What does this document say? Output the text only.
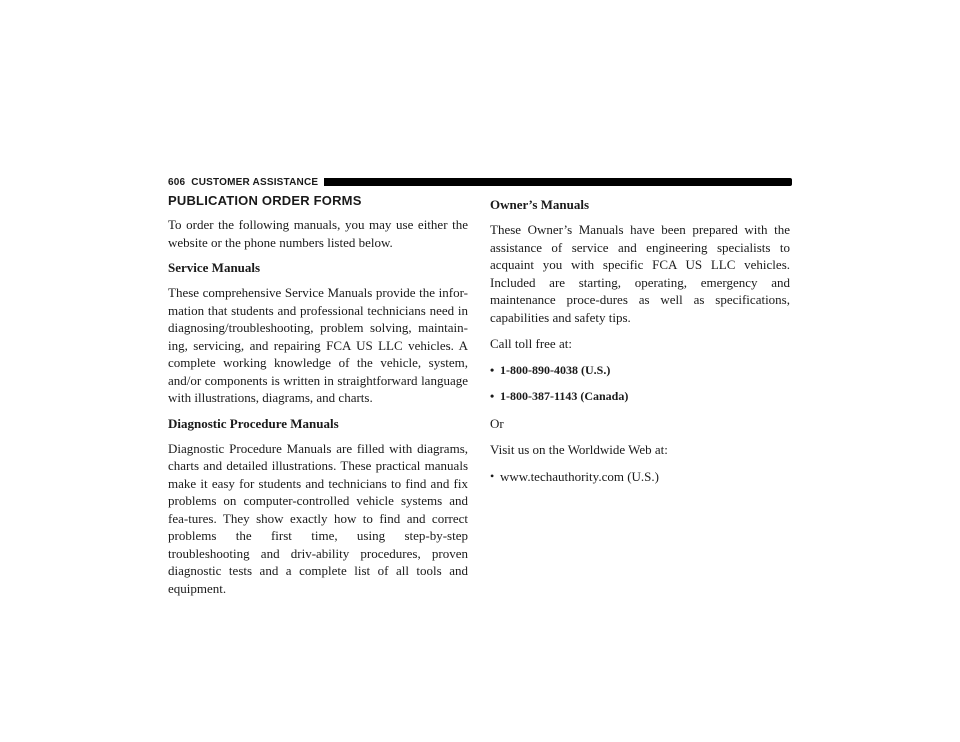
606 CUSTOMER ASSISTANCE
PUBLICATION ORDER FORMS

To order the following manuals, you may use either the website or the phone numbers listed below.

Service Manuals

These comprehensive Service Manuals provide the infor-mation that students and professional technicians need in diagnosing/troubleshooting, problem solving, maintain-ing, servicing, and repairing FCA US LLC vehicles. A complete working knowledge of the vehicle, system, and/or components is written in straightforward language with illustrations, diagrams, and charts.

Diagnostic Procedure Manuals

Diagnostic Procedure Manuals are filled with diagrams, charts and detailed illustrations. These practical manuals make it easy for students and technicians to find and fix problems on computer-controlled vehicle systems and fea-tures. They show exactly how to find and correct problems the first time, using step-by-step troubleshooting and driv-ability procedures, proven diagnostic tests and a complete list of all tools and equipment.

Owner’s Manuals

These Owner’s Manuals have been prepared with the assistance of service and engineering specialists to acquaint you with specific FCA US LLC vehicles. Included are starting, operating, emergency and maintenance proce-dures as well as specifications, capabilities and safety tips.

Call toll free at:

• 1-800-890-4038 (U.S.)
• 1-800-387-1143 (Canada)

Or

Visit us on the Worldwide Web at:

• www.techauthority.com (U.S.)
